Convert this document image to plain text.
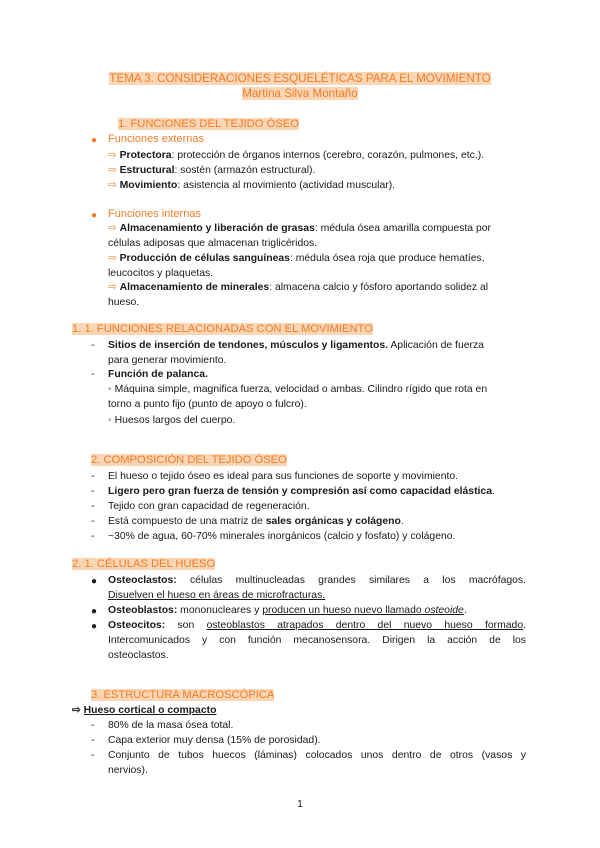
TEMA 3. CONSIDERACIONES ESQUELÉTICAS PARA EL MOVIMIENTO
Martina Silva Montaño
1. FUNCIONES DEL TEJIDO ÓSEO
● Funciones externas
⇨ Protectora: protección de órganos internos (cerebro, corazón, pulmones, etc.).
⇨ Estructural: sostén (armazón estructural).
⇨ Movimiento: asistencia al movimiento (actividad muscular).
● Funciones internas
⇨ Almacenamiento y liberación de grasas: médula ósea amarilla compuesta por
células adiposas que almacenan triglicéridos.
⇨ Producción de células sanguíneas: médula ósea roja que produce hematíes,
leucocitos y plaquetas.
⇨ Almacenamiento de minerales: almacena calcio y fósforo aportando solidez al
hueso.
1. 1. FUNCIONES RELACIONADAS CON EL MOVIMIENTO
- Sitios de inserción de tendones, músculos y ligamentos. Aplicación de fuerza
para generar movimiento.
- Función de palanca.
◦ Máquina simple, magnifica fuerza, velocidad o ambas. Cilindro rígido que rota en
torno a punto fijo (punto de apoyo o fulcro).
◦ Huesos largos del cuerpo.
2. COMPOSICIÓN DEL TEJIDO ÓSEO
- El hueso o tejido óseo es ideal para sus funciones de soporte y movimiento.
- Ligero pero gran fuerza de tensión y compresión así como capacidad elástica.
- Tejido con gran capacidad de regeneración.
- Está compuesto de una matriz de sales orgánicas y colágeno.
- ~30% de agua, 60-70% minerales inorgánicos (calcio y fosfato) y colágeno.
2. 1. CÉLULAS DEL HUESO
● Osteoclastos: células multinucleadas grandes similares a los macrófagos.
Disuelven el hueso en áreas de microfracturas.
● Osteoblastos: mononucleares y producen un hueso nuevo llamado osteoide.
● Osteocitos: son osteoblastos atrapados dentro del nuevo hueso formado.
Intercomunicados y con función mecanosensora. Dirigen la acción de los
osteoclastos.
3. ESTRUCTURA MACROSCÓPICA
⇨ Hueso cortical o compacto
- 80% de la masa ósea total.
- Capa exterior muy densa (15% de porosidad).
- Conjunto de tubos huecos (láminas) colocados unos dentro de otros (vasos y
nervios).
1
